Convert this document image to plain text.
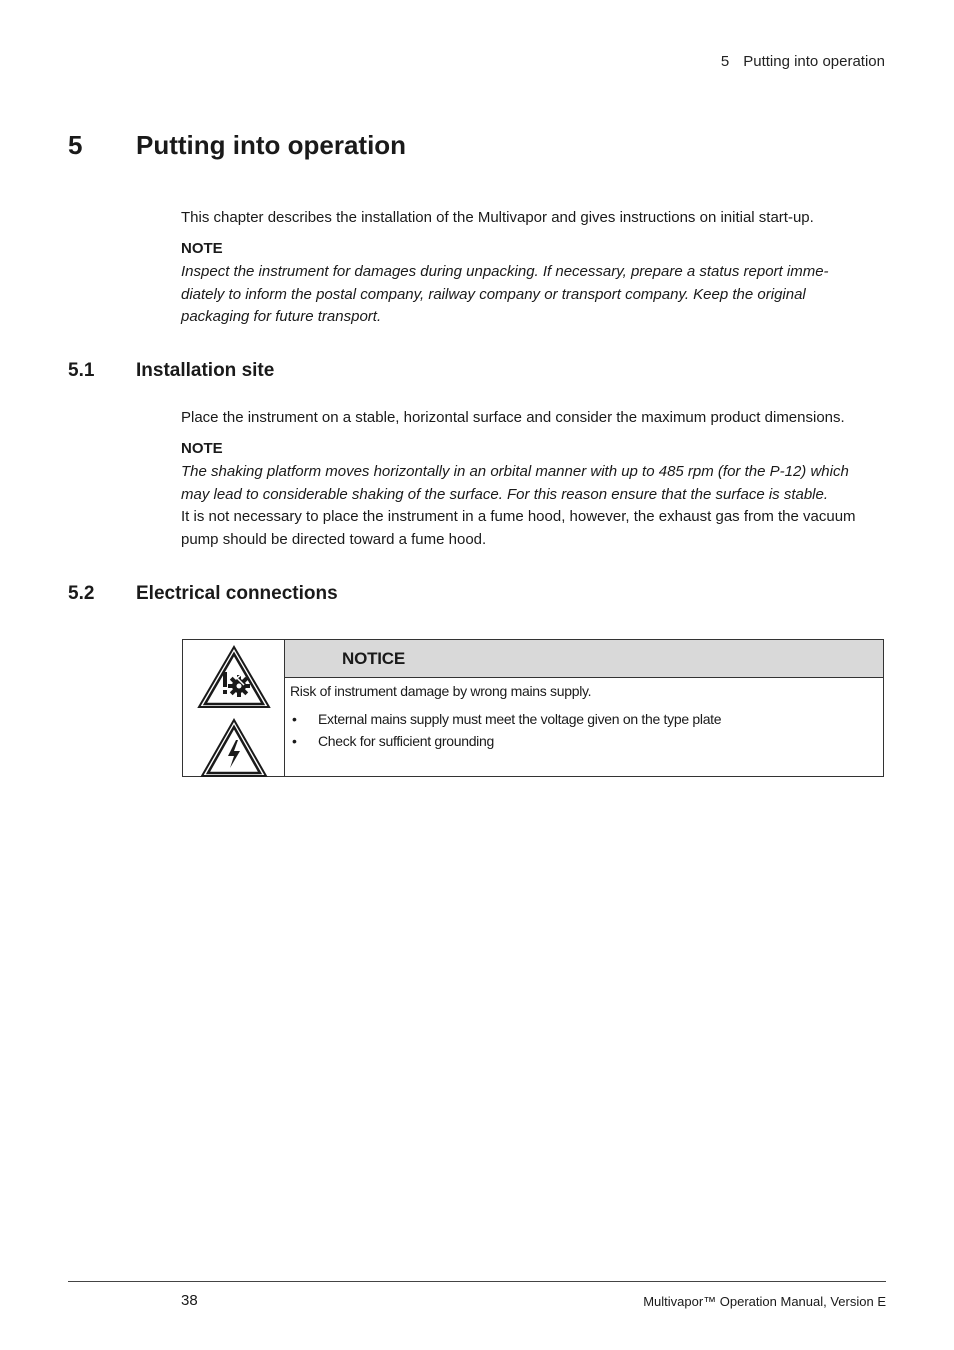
5 Putting into operation
5 Putting into operation
This chapter describes the installation of the Multivapor and gives instructions on initial start-up.
NOTE
Inspect the instrument for damages during unpacking. If necessary, prepare a status report imme-
diately to inform the postal company, railway company or transport company. Keep the original
packaging for future transport.
5.1 Installation site
Place the instrument on a stable, horizontal surface and consider the maximum product dimensions.
NOTE
The shaking platform moves horizontally in an orbital manner with up to 485 rpm (for the P-12) which
may lead to considerable shaking of the surface. For this reason ensure that the surface is stable.
It is not necessary to place the instrument in a fume hood, however, the exhaust gas from the vacuum
pump should be directed toward a fume hood.
5.2 Electrical connections
NOTICE
Risk of instrument damage by wrong mains supply.
• External mains supply must meet the voltage given on the type plate
• Check for sufficient grounding
38	Multivapor™ Operation Manual, Version E
